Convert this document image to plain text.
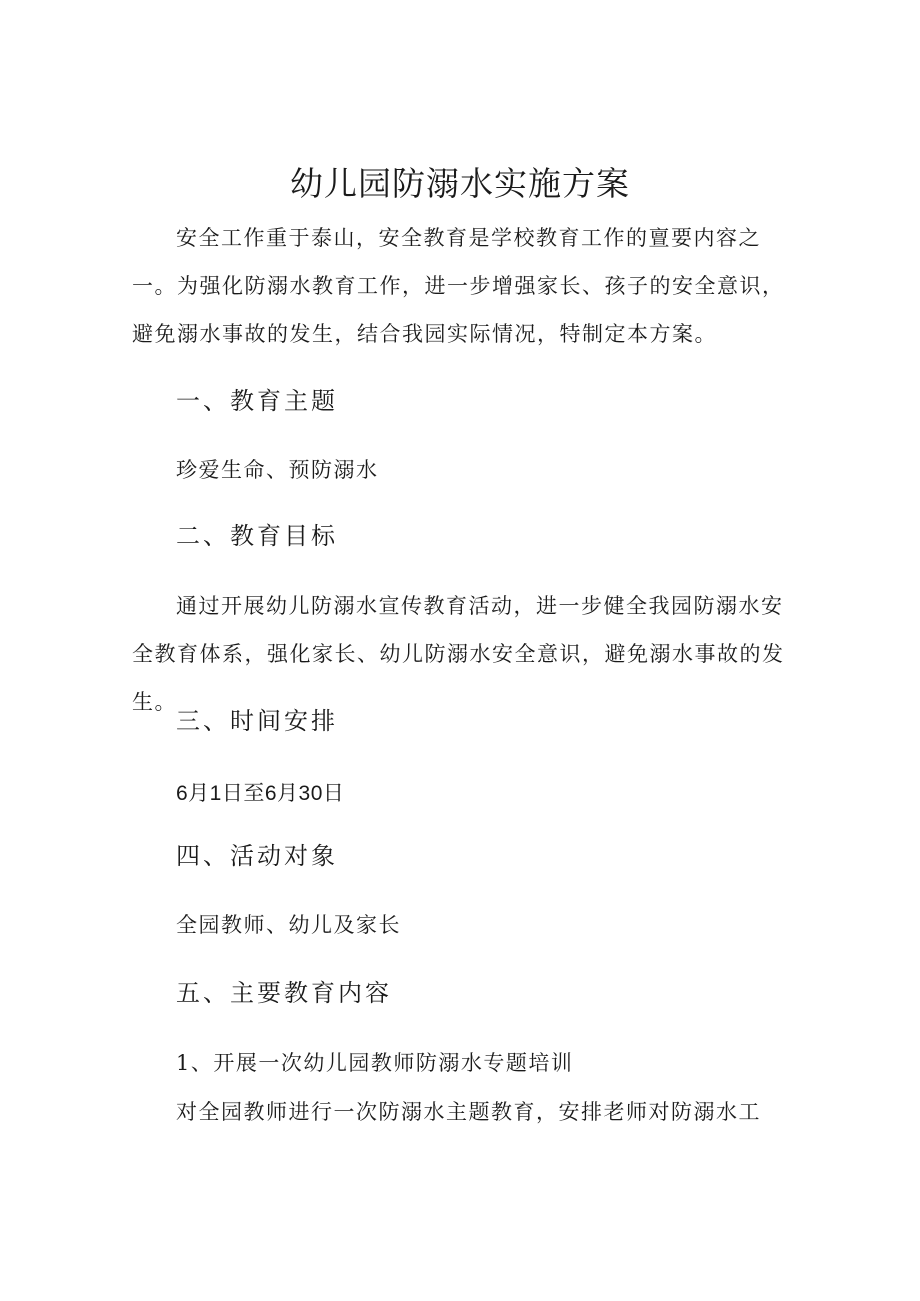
幼儿园防溺水实施方案

安全工作重于泰山，安全教育是学校教育工作的亶要内容之一。为强化防溺水教育工作，进一步增强家长、孩子的安全意识，避免溺水事故的发生，结合我园实际情况，特制定本方案。

一、教育主题
珍爱生命、预防溺水
二、教育目标

通过开展幼儿防溺水宣传教育活动，进一步健全我园防溺水安全教育体系，强化家长、幼儿防溺水安全意识，避免溺水事故的发生。

三、时间安排
6月1日至6月30日
四、活动对象
全园教师、幼儿及家长
五、主要教育内容
1、开展一次幼儿园教师防溺水专题培训
对全园教师进行一次防溺水主题教育，安排老师对防溺水工
